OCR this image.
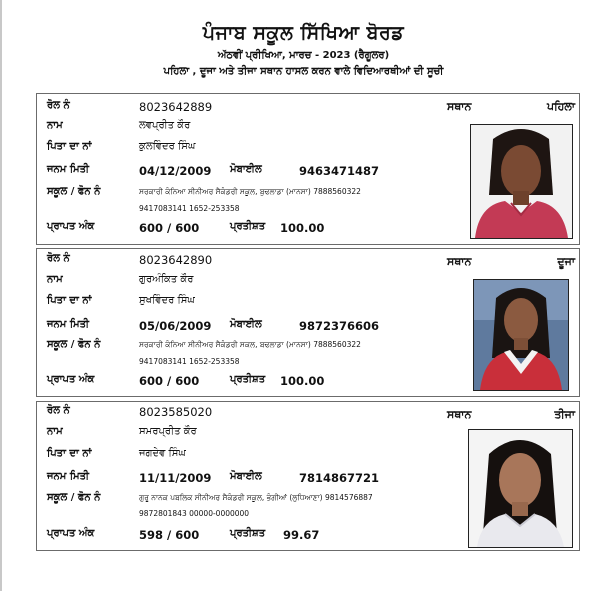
ਪੰਜਾਬ ਸਕੂਲ ਸਿੱਖਿਆ ਬੋਰਡ
ਅੱਠਵੀਂ ਪ੍ਰੀਖਿਆ, ਮਾਰਚ - 2023 (ਰੈਗੂਲਰ)
ਪਹਿਲਾ , ਦੂਜਾ ਅਤੇ ਤੀਜਾ ਸਥਾਨ ਹਾਸਲ ਕਰਨ ਵਾਲੇ ਵਿਦਿਆਰਥੀਆਂ ਦੀ ਸੂਚੀ
ਰੋਲ ਨੰ	8023642889
ਨਾਮ	ਲਵਪ੍ਰੀਤ ਕੌਰ
ਪਿਤਾ ਦਾ ਨਾਂ	ਕੁਲਵਿੰਦਰ ਸਿੰਘ
ਜਨਮ ਮਿਤੀ	04/12/2009 ਮੋਬਾਈਲ	9463471487
ਸਕੂਲ / ਫੋਨ ਨੰ	ਸਰਕਾਰੀ ਕੰਨਿਆ ਸੀਨੀਅਰ ਸੈਕੰਡਰੀ ਸਕੂਲ, ਬੁਢਲਾਡਾ (ਮਾਨਸਾ) 7888560322
9417083141 1652-253358
ਪ੍ਰਾਪਤ ਅੰਕ	600 / 600	ਪ੍ਰਤੀਸ਼ਤ 100.00
ਸਥਾਨ	ਪਹਿਲਾ
ਰੋਲ ਨੰ	8023642890
ਨਾਮ	ਗੁਰਅੰਕਿਤ ਕੌਰ
ਪਿਤਾ ਦਾ ਨਾਂ	ਸੁਖਵਿੰਦਰ ਸਿੰਘ
ਜਨਮ ਮਿਤੀ	05/06/2009 ਮੋਬਾਈਲ	9872376606
ਸਕੂਲ / ਫੋਨ ਨੰ	ਸਰਕਾਰੀ ਕੰਨਿਆ ਸੀਨੀਅਰ ਸੈਕੰਡਰੀ ਸਕਲ, ਬਢਲਾਡਾ (ਮਾਨਸਾ) 7888560322
9417083141 1652-253358
ਪ੍ਰਾਪਤ ਅੰਕ	600 / 600	ਪ੍ਰਤੀਸ਼ਤ 100.00
ਸਥਾਨ	ਦੂਜਾ
ਰੋਲ ਨੰ	8023585020
ਨਾਮ	ਸਮਰਪ੍ਰੀਤ ਕੌਰ
ਪਿਤਾ ਦਾ ਨਾਂ	ਜਗਦੇਵ ਸਿੰਘ
ਜਨਮ ਮਿਤੀ	11/11/2009 ਮੋਬਾਈਲ	7814867721
ਸਕੂਲ / ਫੋਨ ਨੰ	ਗੁਰੂ ਨਾਨਕ ਪਬਲਿਕ ਸੀਨੀਅਰ ਸੈਕੰਡਰੀ ਸਕੂਲ, ਭੰਗੀਆਂ (ਲੁਧਿਆਣਾ) 9814576887
9872801843 00000-0000000
ਪ੍ਰਾਪਤ ਅੰਕ	598 / 600	ਪ੍ਰਤੀਸ਼ਤ 99.67
ਸਥਾਨ	ਤੀਜਾ
